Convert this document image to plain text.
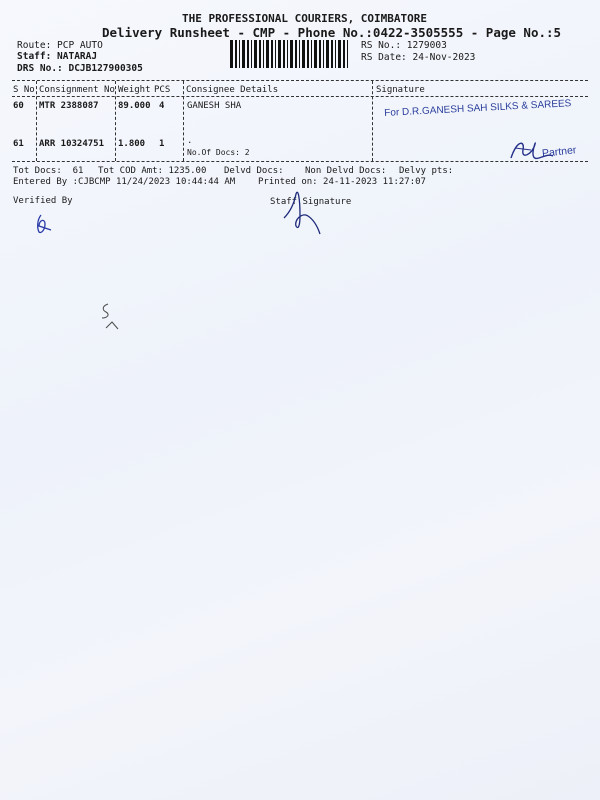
THE PROFESSIONAL COURIERS, COIMBATORE
Delivery Runsheet - CMP - Phone No.:0422-3505555 - Page No.:5
Route: PCP AUTO
Staff: NATARAJ
DRS No.: DCJB127900305
RS No.: 1279003
RS Date: 24-Nov-2023
S No Consignment No Weight PCS Consignee Details	Signature
60 MTR 2388087 89.000 4	GANESH SHA
61 ARR 10324751 1.800 1	.
No.Of Docs: 2
For D.R.GANESH SAH SILKS & SAREES
Partner
Tot Docs:  61 Tot COD Amt: 1235.00 Delvd Docs: Non Delvd Docs: Delvy pts:
Entered By :CJBCMP 11/24/2023 10:44:44 AM	Printed on: 24-11-2023 11:27:07
Verified By	Staff Signature
